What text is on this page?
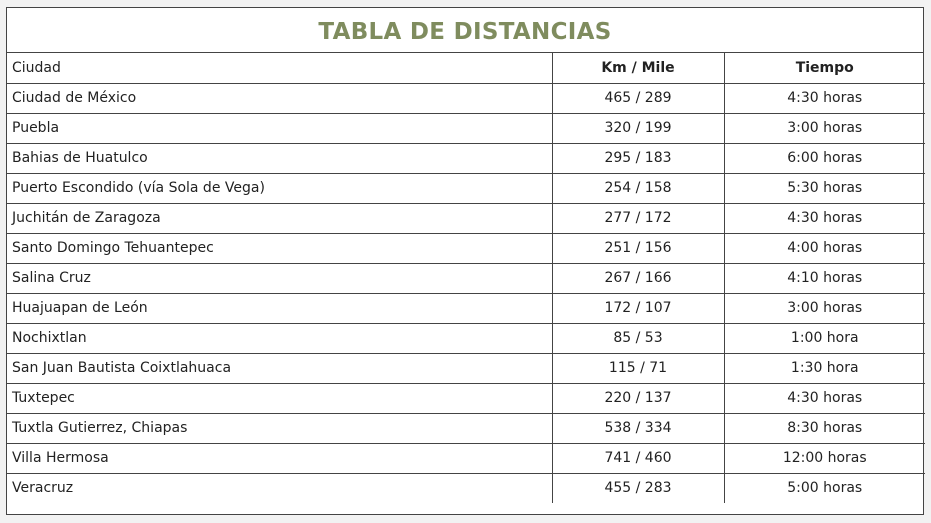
TABLA DE DISTANCIAS
Ciudad	Km / Mile	Tiempo
Ciudad de México	465 / 289	4:30 horas
Puebla	320 / 199	3:00 horas
Bahias de Huatulco	295 / 183	6:00 horas
Puerto Escondido (vía Sola de Vega)	254 / 158	5:30 horas
Juchitán de Zaragoza	277 / 172	4:30 horas
Santo Domingo Tehuantepec	251 / 156	4:00 horas
Salina Cruz	267 / 166	4:10 horas
Huajuapan de León	172 / 107	3:00 horas
Nochixtlan	85 / 53	1:00 hora
San Juan Bautista Coixtlahuaca	115 / 71	1:30 hora
Tuxtepec	220 / 137	4:30 horas
Tuxtla Gutierrez, Chiapas	538 / 334	8:30 horas
Villa Hermosa	741 / 460	12:00 horas
Veracruz	455 / 283	5:00 horas
